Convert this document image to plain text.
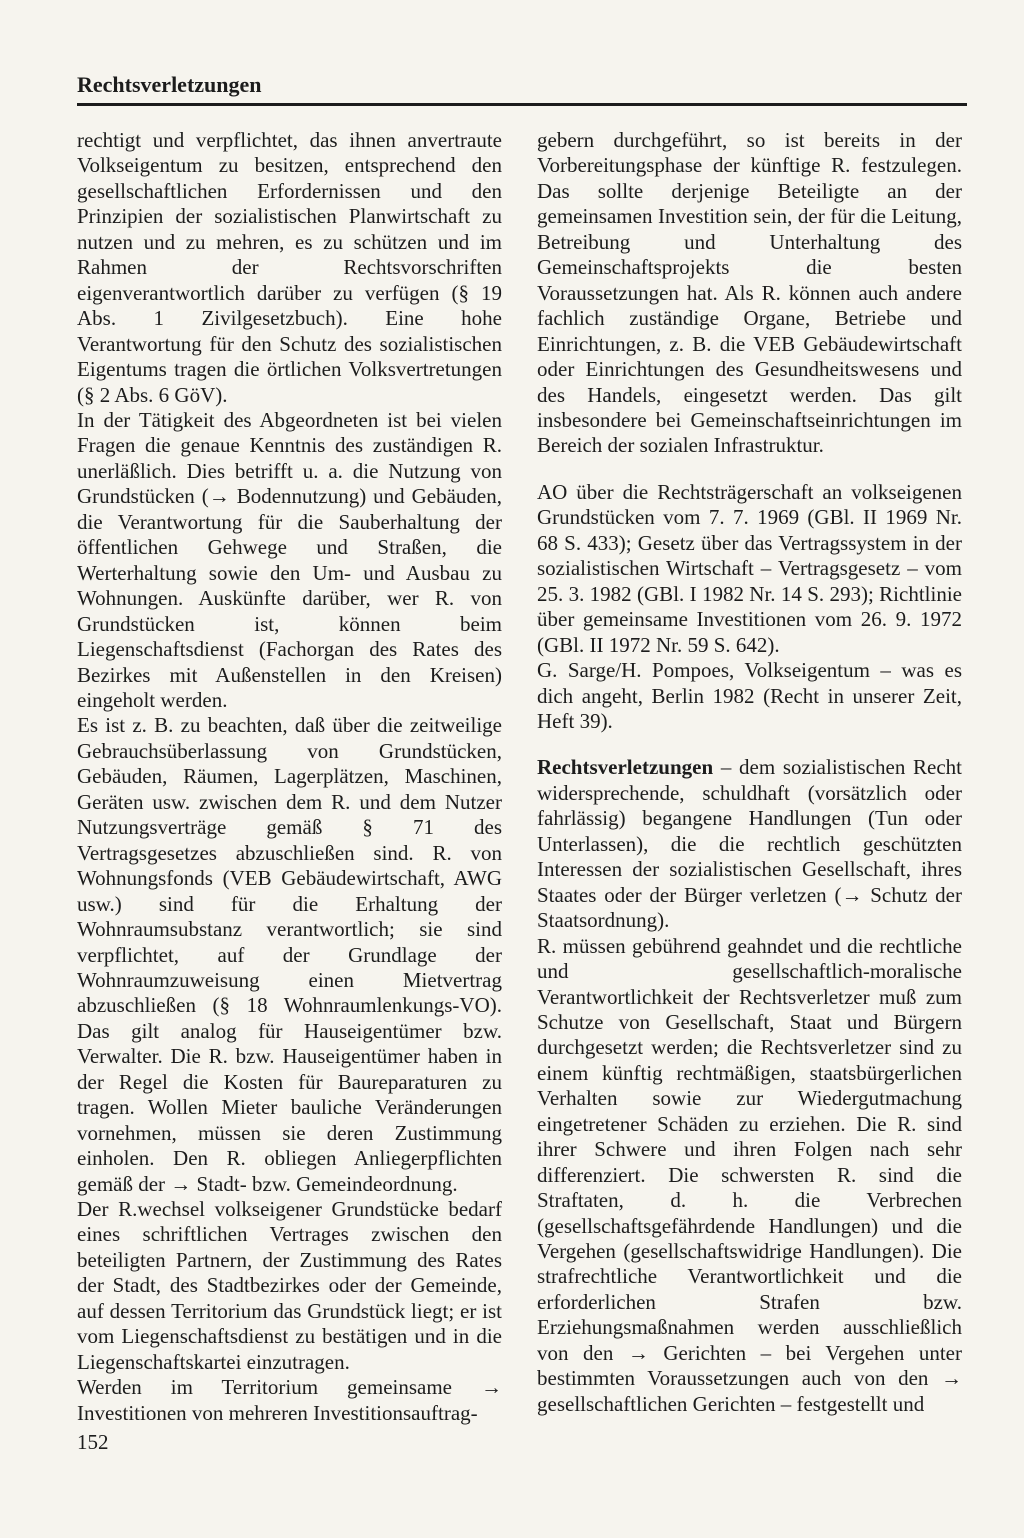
Rechtsverletzungen

rechtigt und verpflichtet, das ihnen anvertraute Volkseigentum zu besitzen, entsprechend den gesellschaftlichen Erfordernissen und den Prinzipien der sozialistischen Planwirtschaft zu nutzen und zu mehren, es zu schützen und im Rahmen der Rechtsvorschriften eigenverantwortlich darüber zu verfügen (§ 19 Abs. 1 Zivilgesetzbuch). Eine hohe Verantwortung für den Schutz des sozialistischen Eigentums tragen die örtlichen Volksvertretungen (§ 2 Abs. 6 GöV).

In der Tätigkeit des Abgeordneten ist bei vielen Fragen die genaue Kenntnis des zuständigen R. unerläßlich. Dies betrifft u. a. die Nutzung von Grundstücken (→ Bodennutzung) und Gebäuden, die Verantwortung für die Sauberhaltung der öffentlichen Gehwege und Straßen, die Werterhaltung sowie den Um- und Ausbau zu Wohnungen. Auskünfte darüber, wer R. von Grundstücken ist, können beim Liegenschaftsdienst (Fachorgan des Rates des Bezirkes mit Außenstellen in den Kreisen) eingeholt werden.

Es ist z. B. zu beachten, daß über die zeitweilige Gebrauchsüberlassung von Grundstücken, Gebäuden, Räumen, Lagerplätzen, Maschinen, Geräten usw. zwischen dem R. und dem Nutzer Nutzungsverträge gemäß § 71 des Vertragsgesetzes abzuschließen sind. R. von Wohnungsfonds (VEB Gebäudewirtschaft, AWG usw.) sind für die Erhaltung der Wohnraumsubstanz verantwortlich; sie sind verpflichtet, auf der Grundlage der Wohnraumzuweisung einen Mietvertrag abzuschließen (§ 18 Wohnraumlenkungs-VO). Das gilt analog für Hauseigentümer bzw. Verwalter. Die R. bzw. Hauseigentümer haben in der Regel die Kosten für Baureparaturen zu tragen. Wollen Mieter bauliche Veränderungen vornehmen, müssen sie deren Zustimmung einholen. Den R. obliegen Anliegerpflichten gemäß der → Stadt- bzw. Gemeindeordnung.

Der R.wechsel volkseigener Grundstücke bedarf eines schriftlichen Vertrages zwischen den beteiligten Partnern, der Zustimmung des Rates der Stadt, des Stadtbezirkes oder der Gemeinde, auf dessen Territorium das Grundstück liegt; er ist vom Liegenschaftsdienst zu bestätigen und in die Liegenschaftskartei einzutragen.

Werden im Territorium gemeinsame → Investitionen von mehreren Investitionsauftrag-

gebern durchgeführt, so ist bereits in der Vorbereitungsphase der künftige R. festzulegen. Das sollte derjenige Beteiligte an der gemeinsamen Investition sein, der für die Leitung, Betreibung und Unterhaltung des Gemeinschaftsprojekts die besten Voraussetzungen hat. Als R. können auch andere fachlich zuständige Organe, Betriebe und Einrichtungen, z. B. die VEB Gebäudewirtschaft oder Einrichtungen des Gesundheitswesens und des Handels, eingesetzt werden. Das gilt insbesondere bei Gemeinschaftseinrichtungen im Bereich der sozialen Infrastruktur.

AO über die Rechtsträgerschaft an volkseigenen Grundstücken vom 7. 7. 1969 (GBl. II 1969 Nr. 68 S. 433); Gesetz über das Vertragssystem in der sozialistischen Wirtschaft – Vertragsgesetz – vom 25. 3. 1982 (GBl. I 1982 Nr. 14 S. 293); Richtlinie über gemeinsame Investitionen vom 26. 9. 1972 (GBl. II 1972 Nr. 59 S. 642).

G. Sarge/H. Pompoes, Volkseigentum – was es dich angeht, Berlin 1982 (Recht in unserer Zeit, Heft 39).

Rechtsverletzungen – dem sozialistischen Recht widersprechende, schuldhaft (vorsätzlich oder fahrlässig) begangene Handlungen (Tun oder Unterlassen), die die rechtlich geschützten Interessen der sozialistischen Gesellschaft, ihres Staates oder der Bürger verletzen (→ Schutz der Staatsordnung).

R. müssen gebührend geahndet und die rechtliche und gesellschaftlich-moralische Verantwortlichkeit der Rechtsverletzer muß zum Schutze von Gesellschaft, Staat und Bürgern durchgesetzt werden; die Rechtsverletzer sind zu einem künftig rechtmäßigen, staatsbürgerlichen Verhalten sowie zur Wiedergutmachung eingetretener Schäden zu erziehen. Die R. sind ihrer Schwere und ihren Folgen nach sehr differenziert. Die schwersten R. sind die Straftaten, d. h. die Verbrechen (gesellschaftsgefährdende Handlungen) und die Vergehen (gesellschaftswidrige Handlungen). Die strafrechtliche Verantwortlichkeit und die erforderlichen Strafen bzw. Erziehungsmaßnahmen werden ausschließlich von den → Gerichten – bei Vergehen unter bestimmten Voraussetzungen auch von den → gesellschaftlichen Gerichten – festgestellt und

152
